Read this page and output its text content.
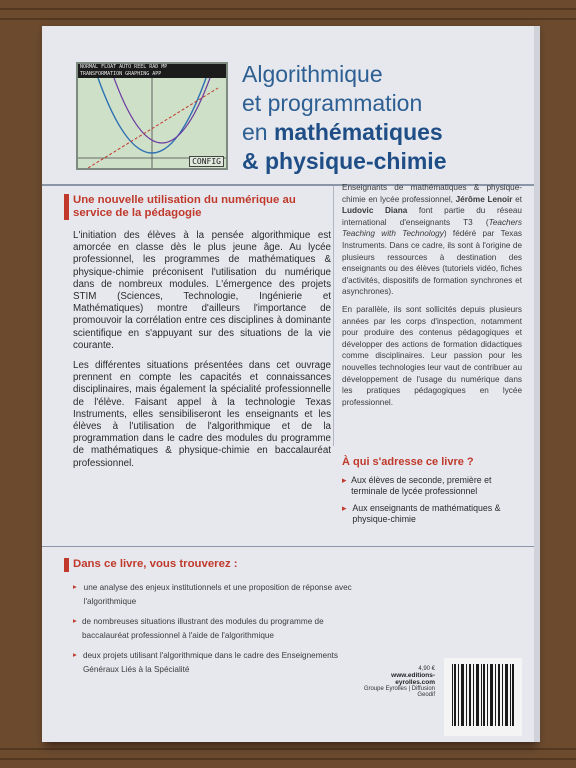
NORMAL FLOAT AUTO REEL RAD MP
TRANSFORMATION GRAPHING APP
CONFIG
Algorithmique
et programmation
en mathématiques
& physique-chimie
Une nouvelle utilisation du numérique au service de la pédagogie

L'initiation des élèves à la pensée algorithmique est amorcée en classe dès le plus jeune âge. Au lycée professionnel, les programmes de mathématiques & physique-chimie préconisent l'utilisation du numérique dans de nombreux modules. L'émergence des projets STIM (Sciences, Technologie, Ingénierie et Mathématiques) montre d'ailleurs l'importance de promouvoir la corrélation entre ces disciplines à dominante scientifique en s'appuyant sur des situations de la vie courante.

Les différentes situations présentées dans cet ouvrage prennent en compte les capacités et connaissances disciplinaires, mais également la spécialité professionnelle de l'élève. Faisant appel à la technologie Texas Instruments, elles sensibiliseront les enseignants et les élèves à l'utilisation de l'algorithmique et de la programmation dans le cadre des modules du programme de mathématiques & physique-chimie en baccalauréat professionnel.

Enseignants de mathématiques & physique-chimie en lycée professionnel, Jérôme Lenoir et Ludovic Diana font partie du réseau international d'enseignants T3 (Teachers Teaching with Technology) fédéré par Texas Instruments. Dans ce cadre, ils sont à l'origine de plusieurs ressources à destination des enseignants ou des élèves (tutoriels vidéo, fiches d'activités, dispositifs de formation synchrones et asynchrones).

En parallèle, ils sont sollicités depuis plusieurs années par les corps d'inspection, notamment pour produire des contenus pédagogiques et développer des actions de formation didactiques comme disciplinaires. Leur passion pour les nouvelles technologies leur vaut de contribuer au développement de l'usage du numérique dans les pratiques pédagogiques en lycée professionnel.

À qui s'adresse ce livre ?
▸ Aux élèves de seconde, première et terminale de lycée professionnel
▸ Aux enseignants de mathématiques & physique-chimie
Dans ce livre, vous trouverez :
▸ une analyse des enjeux institutionnels et une proposition de réponse avec l'algorithmique
▸ de nombreuses situations illustrant des modules du programme de baccalauréat professionnel à l'aide de l'algorithmique
▸ deux projets utilisant l'algorithmique dans le cadre des Enseignements Généraux Liés à la Spécialité	4,90 €
www.editions-eyrolles.com
Groupe Eyrolles | Diffusion Geodif
